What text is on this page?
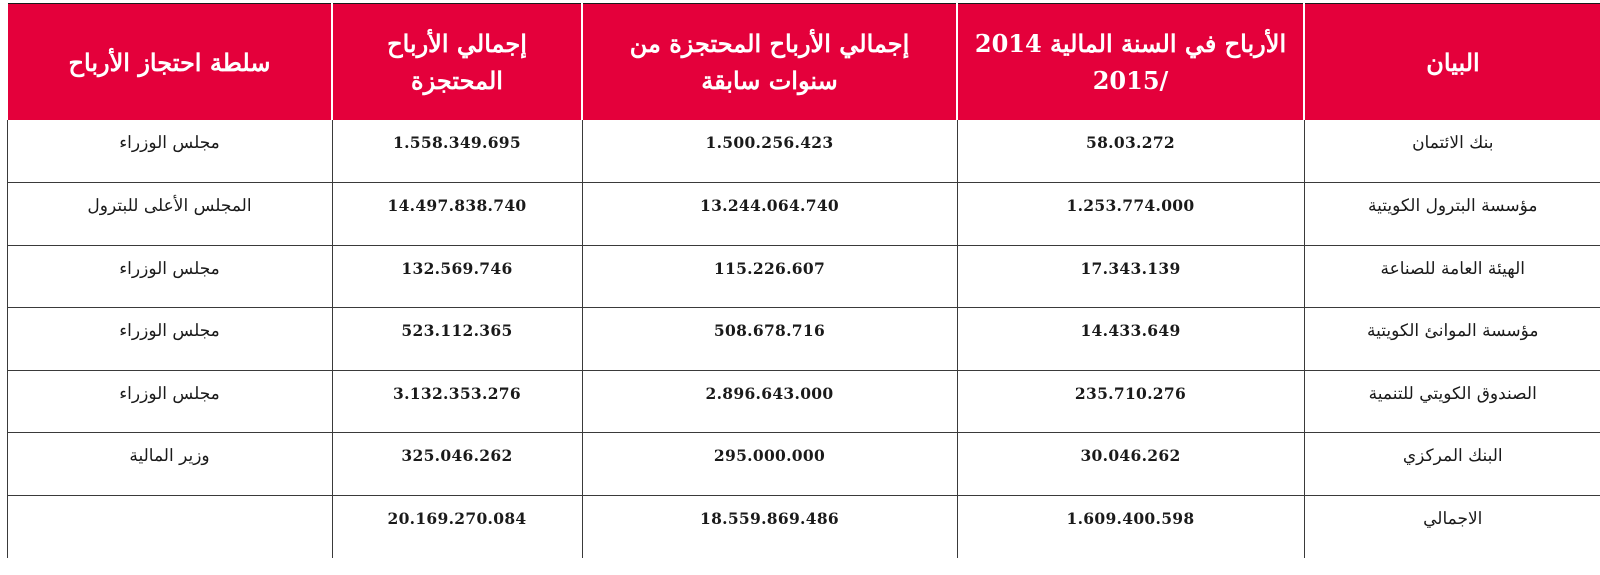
البيان	الأرباح في السنة المالية 2014 /2015	إجمالي الأرباح المحتجزة من سنوات سابقة	إجمالي الأرباح المحتجزة	سلطة احتجاز الأرباح
بنك الائتمان	58.03.272	1.500.256.423	1.558.349.695	مجلس الوزراء
مؤسسة البترول الكويتية	1.253.774.000	13.244.064.740	14.497.838.740	المجلس الأعلى للبترول
الهيئة العامة للصناعة	17.343.139	115.226.607	132.569.746	مجلس الوزراء
مؤسسة الموانئ الكويتية	14.433.649	508.678.716	523.112.365	مجلس الوزراء
الصندوق الكويتي للتنمية	235.710.276	2.896.643.000	3.132.353.276	مجلس الوزراء
البنك المركزي	30.046.262	295.000.000	325.046.262	وزير المالية
الاجمالي	1.609.400.598	18.559.869.486	20.169.270.084	
